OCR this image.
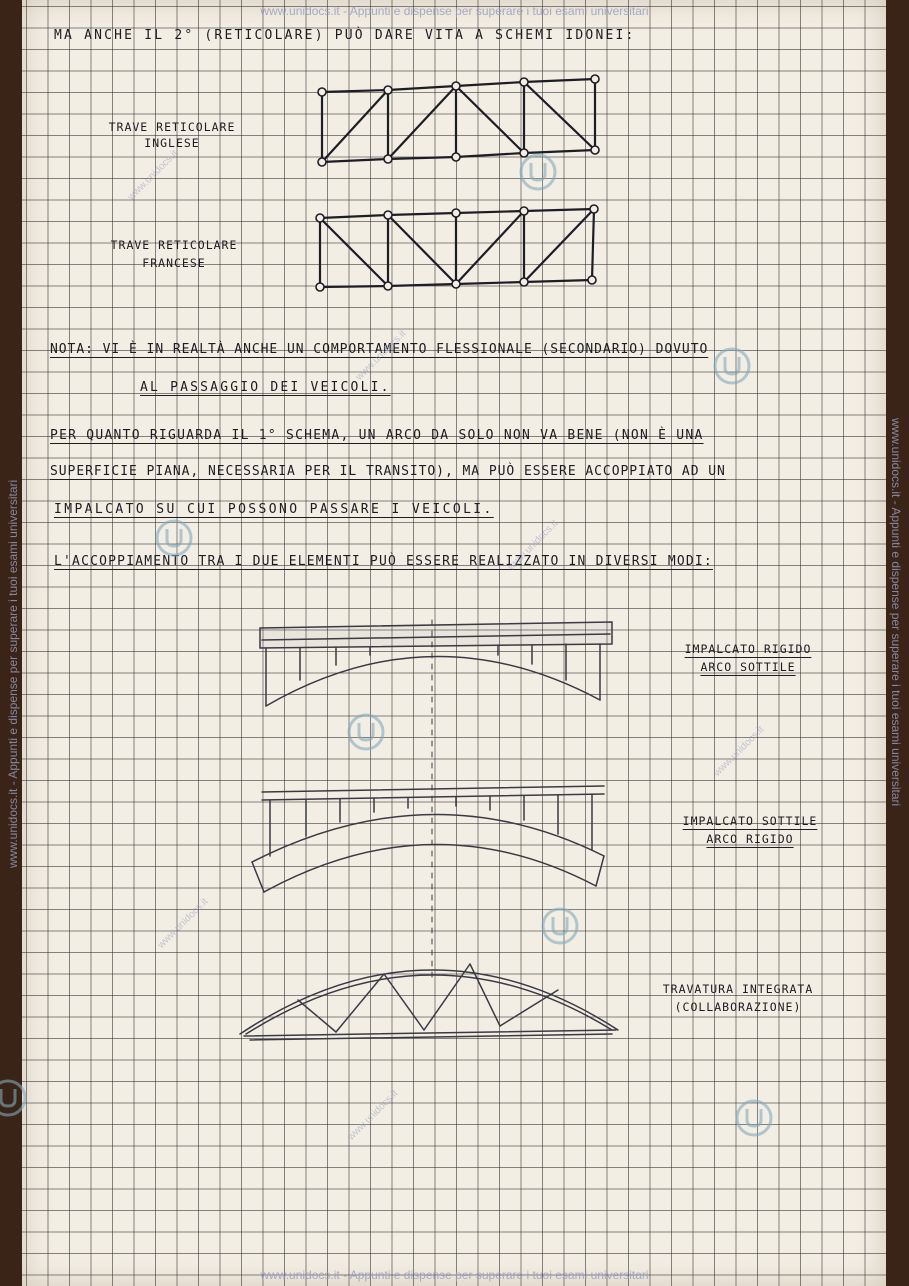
MA ANCHE IL 2° (RETICOLARE) PUÒ DARE VITA A SCHEMI IDONEI:

TRAVE RETICOLARE

INGLESE

TRAVE RETICOLARE

FRANCESE

NOTA: VI È IN REALTÀ ANCHE UN COMPORTAMENTO FLESSIONALE (SECONDARIO) DOVUTO

AL PASSAGGIO DEI VEICOLI.

PER QUANTO RIGUARDA IL 1° SCHEMA, UN ARCO DA SOLO NON VA BENE (NON È UNA

SUPERFICIE PIANA, NECESSARIA PER IL TRANSITO), MA PUÒ ESSERE ACCOPPIATO AD UN

IMPALCATO SU CUI POSSONO PASSARE I VEICOLI.

L'ACCOPPIAMENTO TRA I DUE ELEMENTI PUÒ ESSERE REALIZZATO IN DIVERSI MODI:

IMPALCATO RIGIDO

ARCO SOTTILE

IMPALCATO SOTTILE

ARCO RIGIDO

TRAVATURA INTEGRATA

(COLLABORAZIONE)

www.unidocs.it - Appunti e dispense per superare i tuoi esami universitari
www.unidocs.it - Appunti e dispense per superare i tuoi esami universitari
www.unidocs.it - Appunti e dispense per superare i tuoi esami universitari	www.unidocs.it - Appunti e dispense per superare i tuoi esami universitari
www.unidocs.it
www.unidocs.it
www.unidocs.it
www.unidocs.it
www.unidocs.it
www.unidocs.it
